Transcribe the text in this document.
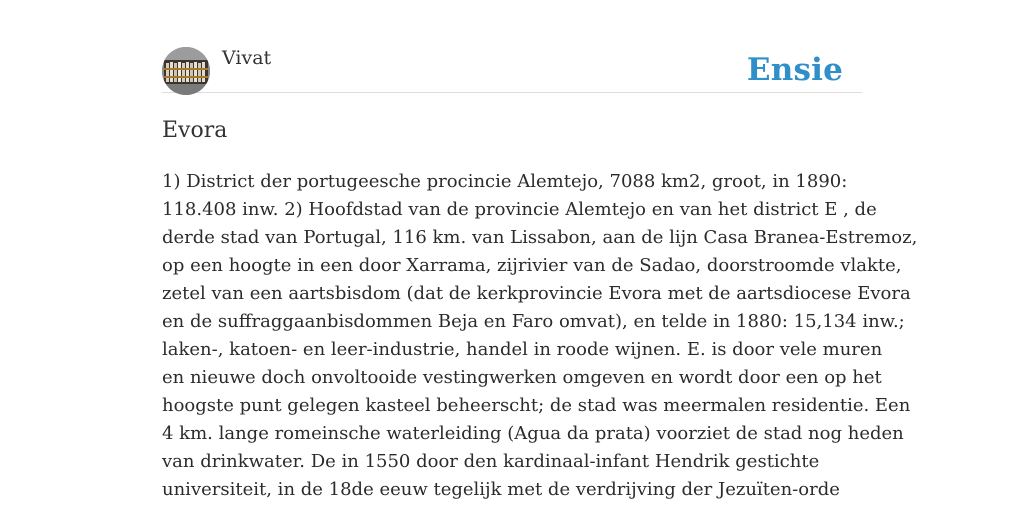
Vivat	Ensie
Evora
1) District der portugeesche procincie Alemtejo, 7088 km2, groot, in 1890:
118.408 inw. 2) Hoofdstad van de provincie Alemtejo en van het district E , de
derde stad van Portugal, 116 km. van Lissabon, aan de lijn Casa Branea-Estremoz,
op een hoogte in een door Xarrama, zijrivier van de Sadao, doorstroomde vlakte,
zetel van een aartsbisdom (dat de kerkprovincie Evora met de aartsdiocese Evora
en de suffraggaanbisdommen Beja en Faro omvat), en telde in 1880: 15,134 inw.;
laken-, katoen- en leer-industrie, handel in roode wijnen. E. is door vele muren
en nieuwe doch onvoltooide vestingwerken omgeven en wordt door een op het
hoogste punt gelegen kasteel beheerscht; de stad was meermalen residentie. Een
4 km. lange romeinsche waterleiding (Agua da prata) voorziet de stad nog heden
van drinkwater. De in 1550 door den kardinaal-infant Hendrik gestichte
universiteit, in de 18de eeuw tegelijk met de verdrijving der Jezuïten-orde
